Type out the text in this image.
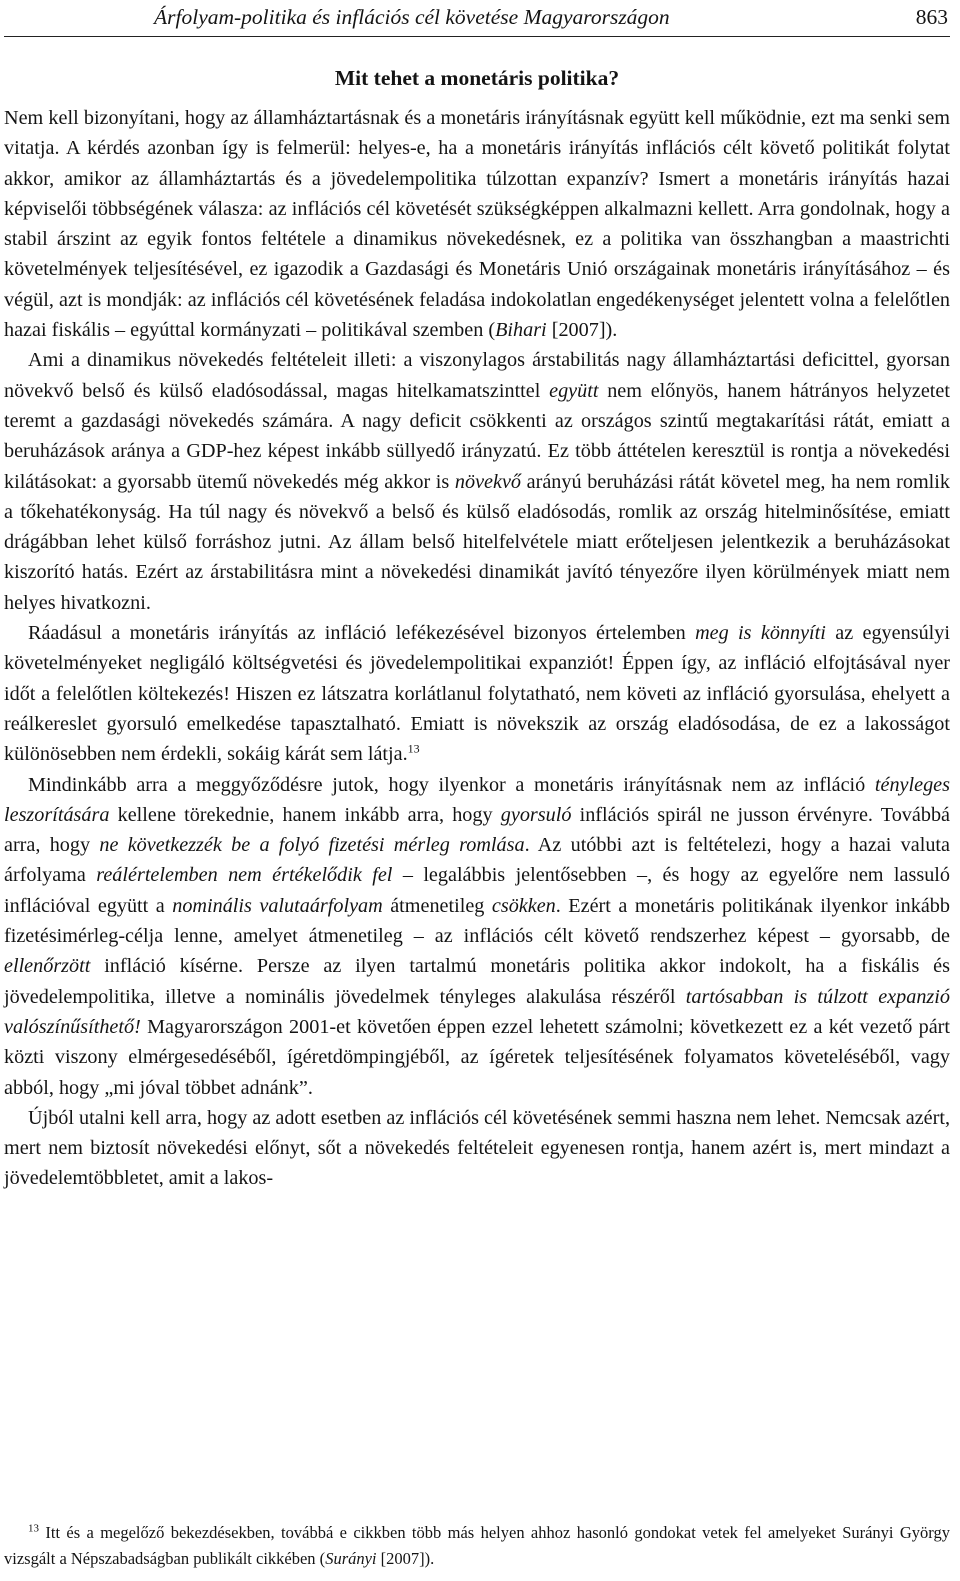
Árfolyam-politika és inflációs cél követése Magyarországon	863
Mit tehet a monetáris politika?

Nem kell bizonyítani, hogy az államháztartásnak és a monetáris irányításnak együtt kell működnie, ezt ma senki sem vitatja. A kérdés azonban így is felmerül: helyes-e, ha a monetáris irányítás inflációs célt követő politikát folytat akkor, amikor az államháztartás és a jövedelempolitika túlzottan expanzív? Ismert a monetáris irányítás hazai képviselői többségének válasza: az inflációs cél követését szükségképpen alkalmazni kellett. Arra gondolnak, hogy a stabil árszint az egyik fontos feltétele a dinamikus növekedésnek, ez a politika van összhangban a maastrichti követelmények teljesítésével, ez igazodik a Gazdasági és Monetáris Unió országainak monetáris irányításához – és végül, azt is mondják: az inflációs cél követésének feladása indokolatlan engedékenységet jelentett volna a felelőtlen hazai fiskális – egyúttal kormányzati – politikával szemben (Bihari [2007]).

Ami a dinamikus növekedés feltételeit illeti: a viszonylagos árstabilitás nagy államháztartási deficittel, gyorsan növekvő belső és külső eladósodással, magas hitelkamatszinttel együtt nem előnyös, hanem hátrányos helyzetet teremt a gazdasági növekedés számára. A nagy deficit csökkenti az országos szintű megtakarítási rátát, emiatt a beruházások aránya a GDP-hez képest inkább süllyedő irányzatú. Ez több áttételen keresztül is rontja a növekedési kilátásokat: a gyorsabb ütemű növekedés még akkor is növekvő arányú beruházási rátát követel meg, ha nem romlik a tőkehatékonyság. Ha túl nagy és növekvő a belső és külső eladósodás, romlik az ország hitelminősítése, emiatt drágábban lehet külső forráshoz jutni. Az állam belső hitelfelvétele miatt erőteljesen jelentkezik a beruházásokat kiszorító hatás. Ezért az árstabilitásra mint a növekedési dinamikát javító tényezőre ilyen körülmények miatt nem helyes hivatkozni.

Ráadásul a monetáris irányítás az infláció lefékezésével bizonyos értelemben meg is könnyíti az egyensúlyi követelményeket negligáló költségvetési és jövedelempolitikai expanziót! Éppen így, az infláció elfojtásával nyer időt a felelőtlen költekezés! Hiszen ez látszatra korlátlanul folytatható, nem követi az infláció gyorsulása, ehelyett a reálkereslet gyorsuló emelkedése tapasztalható. Emiatt is növekszik az ország eladósodása, de ez a lakosságot különösebben nem érdekli, sokáig kárát sem látja.$^{13}$

Mindinkább arra a meggyőződésre jutok, hogy ilyenkor a monetáris irányításnak nem az infláció tényleges leszorítására kellene törekednie, hanem inkább arra, hogy gyorsuló inflációs spirál ne jusson érvényre. Továbbá arra, hogy ne következzék be a folyó fizetési mérleg romlása. Az utóbbi azt is feltételezi, hogy a hazai valuta árfolyama reálértelemben nem értékelődik fel – legalábbis jelentősebben –, és hogy az egyelőre nem lassuló inflációval együtt a nominális valutaárfolyam átmenetileg csökken. Ezért a monetáris politikának ilyenkor inkább fizetésimérleg-célja lenne, amelyet átmenetileg – az inflációs célt követő rendszerhez képest – gyorsabb, de ellenőrzött infláció kísérne. Persze az ilyen tartalmú monetáris politika akkor indokolt, ha a fiskális és jövedelempolitika, illetve a nominális jövedelmek tényleges alakulása részéről tartósabban is túlzott expanzió valószínűsíthető! Magyarországon 2001-et követően éppen ezzel lehetett számolni; következett ez a két vezető párt közti viszony elmérgesedéséből, ígéretdömpingjéből, az ígéretek teljesítésének folyamatos követeléséből, vagy abból, hogy „mi jóval többet adnánk”.

Újból utalni kell arra, hogy az adott esetben az inflációs cél követésének semmi haszna nem lehet. Nemcsak azért, mert nem biztosít növekedési előnyt, sőt a növekedés feltételeit egyenesen rontja, hanem azért is, mert mindazt a jövedelemtöbbletet, amit a lakos-

$^{13}$ Itt és a megelőző bekezdésekben, továbbá e cikkben több más helyen ahhoz hasonló gondokat vetek fel amelyeket Surányi György vizsgált a Népszabadságban publikált cikkében (Surányi [2007]).
